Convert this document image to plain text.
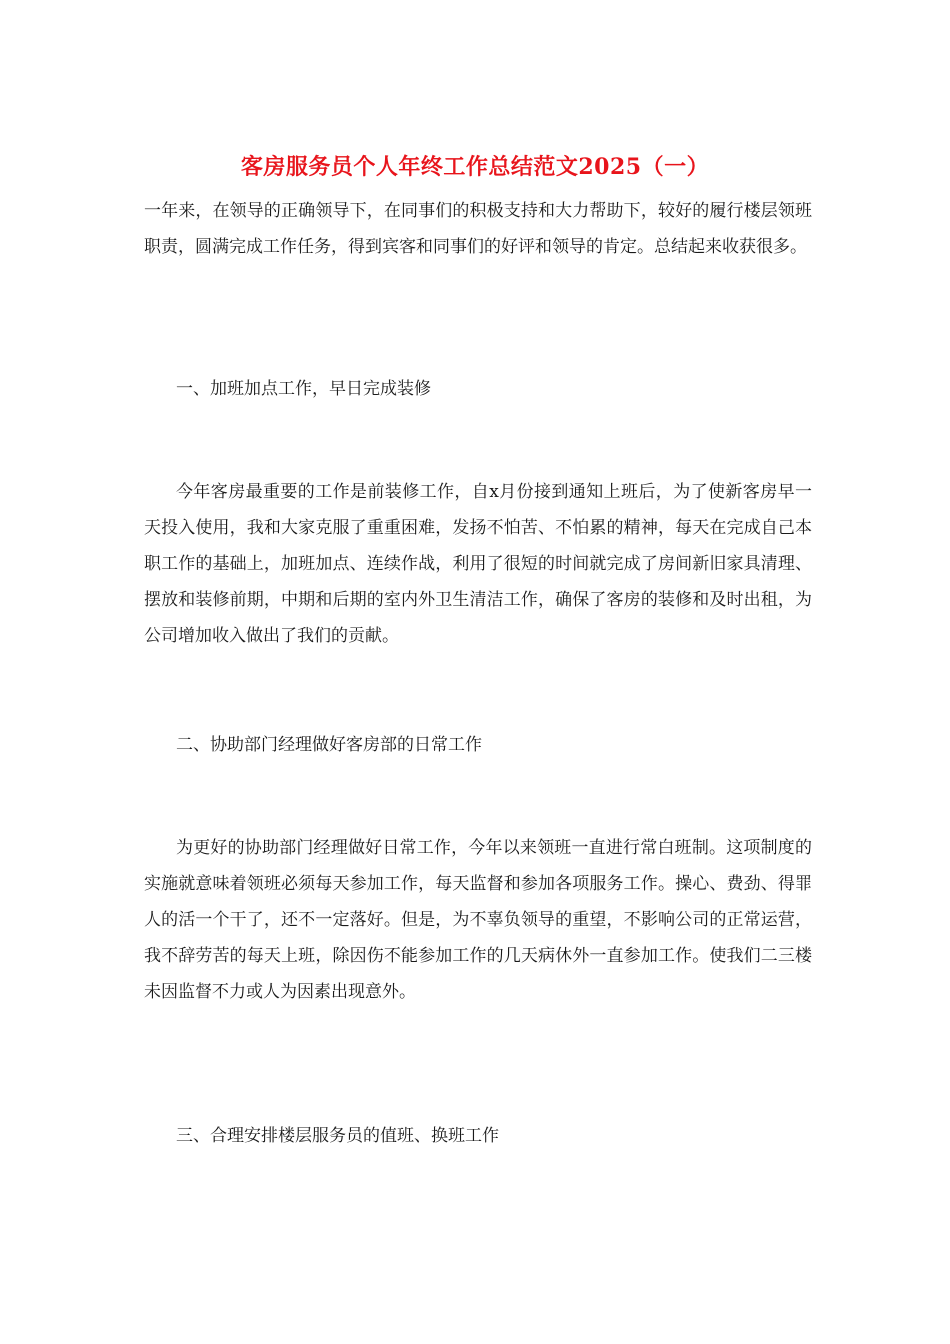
客房服务员个人年终工作总结范文2025（一）

一年来，在领导的正确领导下，在同事们的积极支持和大力帮助下，较好的履行楼层领班职责，圆满完成工作任务，得到宾客和同事们的好评和领导的肯定。总结起来收获很多。

一、加班加点工作，早日完成装修

今年客房最重要的工作是前装修工作，自x月份接到通知上班后，为了使新客房早一天投入使用，我和大家克服了重重困难，发扬不怕苦、不怕累的精神，每天在完成自己本职工作的基础上，加班加点、连续作战，利用了很短的时间就完成了房间新旧家具清理、摆放和装修前期，中期和后期的室内外卫生清洁工作，确保了客房的装修和及时出租，为公司增加收入做出了我们的贡献。

二、协助部门经理做好客房部的日常工作

为更好的协助部门经理做好日常工作，今年以来领班一直进行常白班制。这项制度的实施就意味着领班必须每天参加工作，每天监督和参加各项服务工作。操心、费劲、得罪人的活一个干了，还不一定落好。但是，为不辜负领导的重望，不影响公司的正常运营，我不辞劳苦的每天上班，除因伤不能参加工作的几天病休外一直参加工作。使我们二三楼未因监督不力或人为因素出现意外。

三、合理安排楼层服务员的值班、换班工作
